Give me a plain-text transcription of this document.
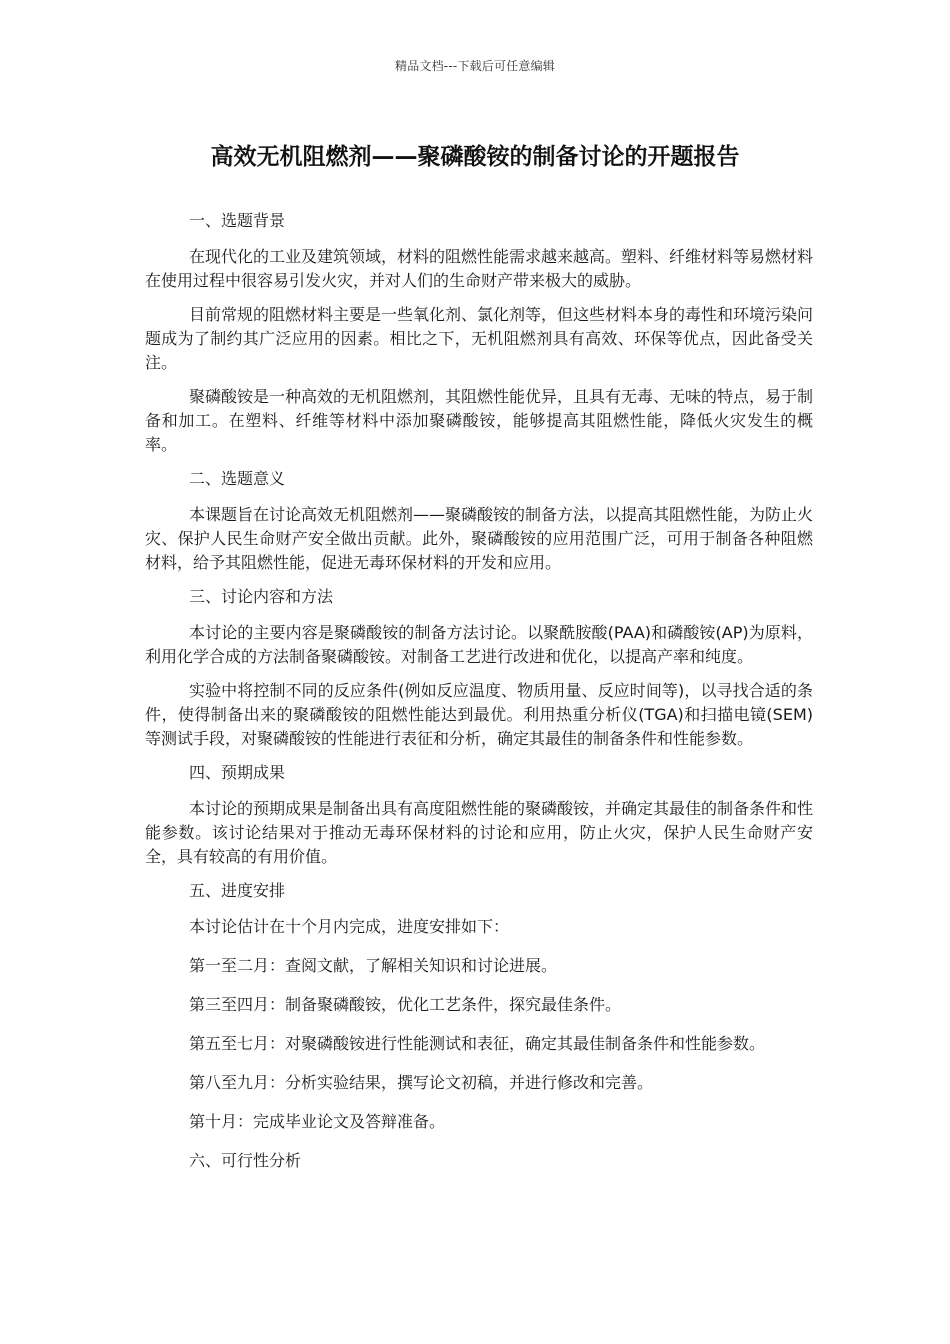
精品文档---下载后可任意编辑
高效无机阻燃剂——聚磷酸铵的制备讨论的开题报告

一、选题背景

在现代化的工业及建筑领域，材料的阻燃性能需求越来越高。塑料、纤维材料等易燃材料在使用过程中很容易引发火灾，并对人们的生命财产带来极大的威胁。

目前常规的阻燃材料主要是一些氧化剂、氯化剂等，但这些材料本身的毒性和环境污染问题成为了制约其广泛应用的因素。相比之下，无机阻燃剂具有高效、环保等优点，因此备受关注。

聚磷酸铵是一种高效的无机阻燃剂，其阻燃性能优异，且具有无毒、无味的特点，易于制备和加工。在塑料、纤维等材料中添加聚磷酸铵，能够提高其阻燃性能，降低火灾发生的概率。

二、选题意义

本课题旨在讨论高效无机阻燃剂——聚磷酸铵的制备方法，以提高其阻燃性能，为防止火灾、保护人民生命财产安全做出贡献。此外，聚磷酸铵的应用范围广泛，可用于制备各种阻燃材料，给予其阻燃性能，促进无毒环保材料的开发和应用。

三、讨论内容和方法

本讨论的主要内容是聚磷酸铵的制备方法讨论。以聚酰胺酸(PAA)和磷酸铵(AP)为原料，利用化学合成的方法制备聚磷酸铵。对制备工艺进行改进和优化，以提高产率和纯度。

实验中将控制不同的反应条件(例如反应温度、物质用量、反应时间等)，以寻找合适的条件，使得制备出来的聚磷酸铵的阻燃性能达到最优。利用热重分析仪(TGA)和扫描电镜(SEM)等测试手段，对聚磷酸铵的性能进行表征和分析，确定其最佳的制备条件和性能参数。

四、预期成果

本讨论的预期成果是制备出具有高度阻燃性能的聚磷酸铵，并确定其最佳的制备条件和性能参数。该讨论结果对于推动无毒环保材料的讨论和应用，防止火灾，保护人民生命财产安全，具有较高的有用价值。

五、进度安排

本讨论估计在十个月内完成，进度安排如下：

第一至二月：查阅文献，了解相关知识和讨论进展。

第三至四月：制备聚磷酸铵，优化工艺条件，探究最佳条件。

第五至七月：对聚磷酸铵进行性能测试和表征，确定其最佳制备条件和性能参数。

第八至九月：分析实验结果，撰写论文初稿，并进行修改和完善。

第十月：完成毕业论文及答辩准备。

六、可行性分析
